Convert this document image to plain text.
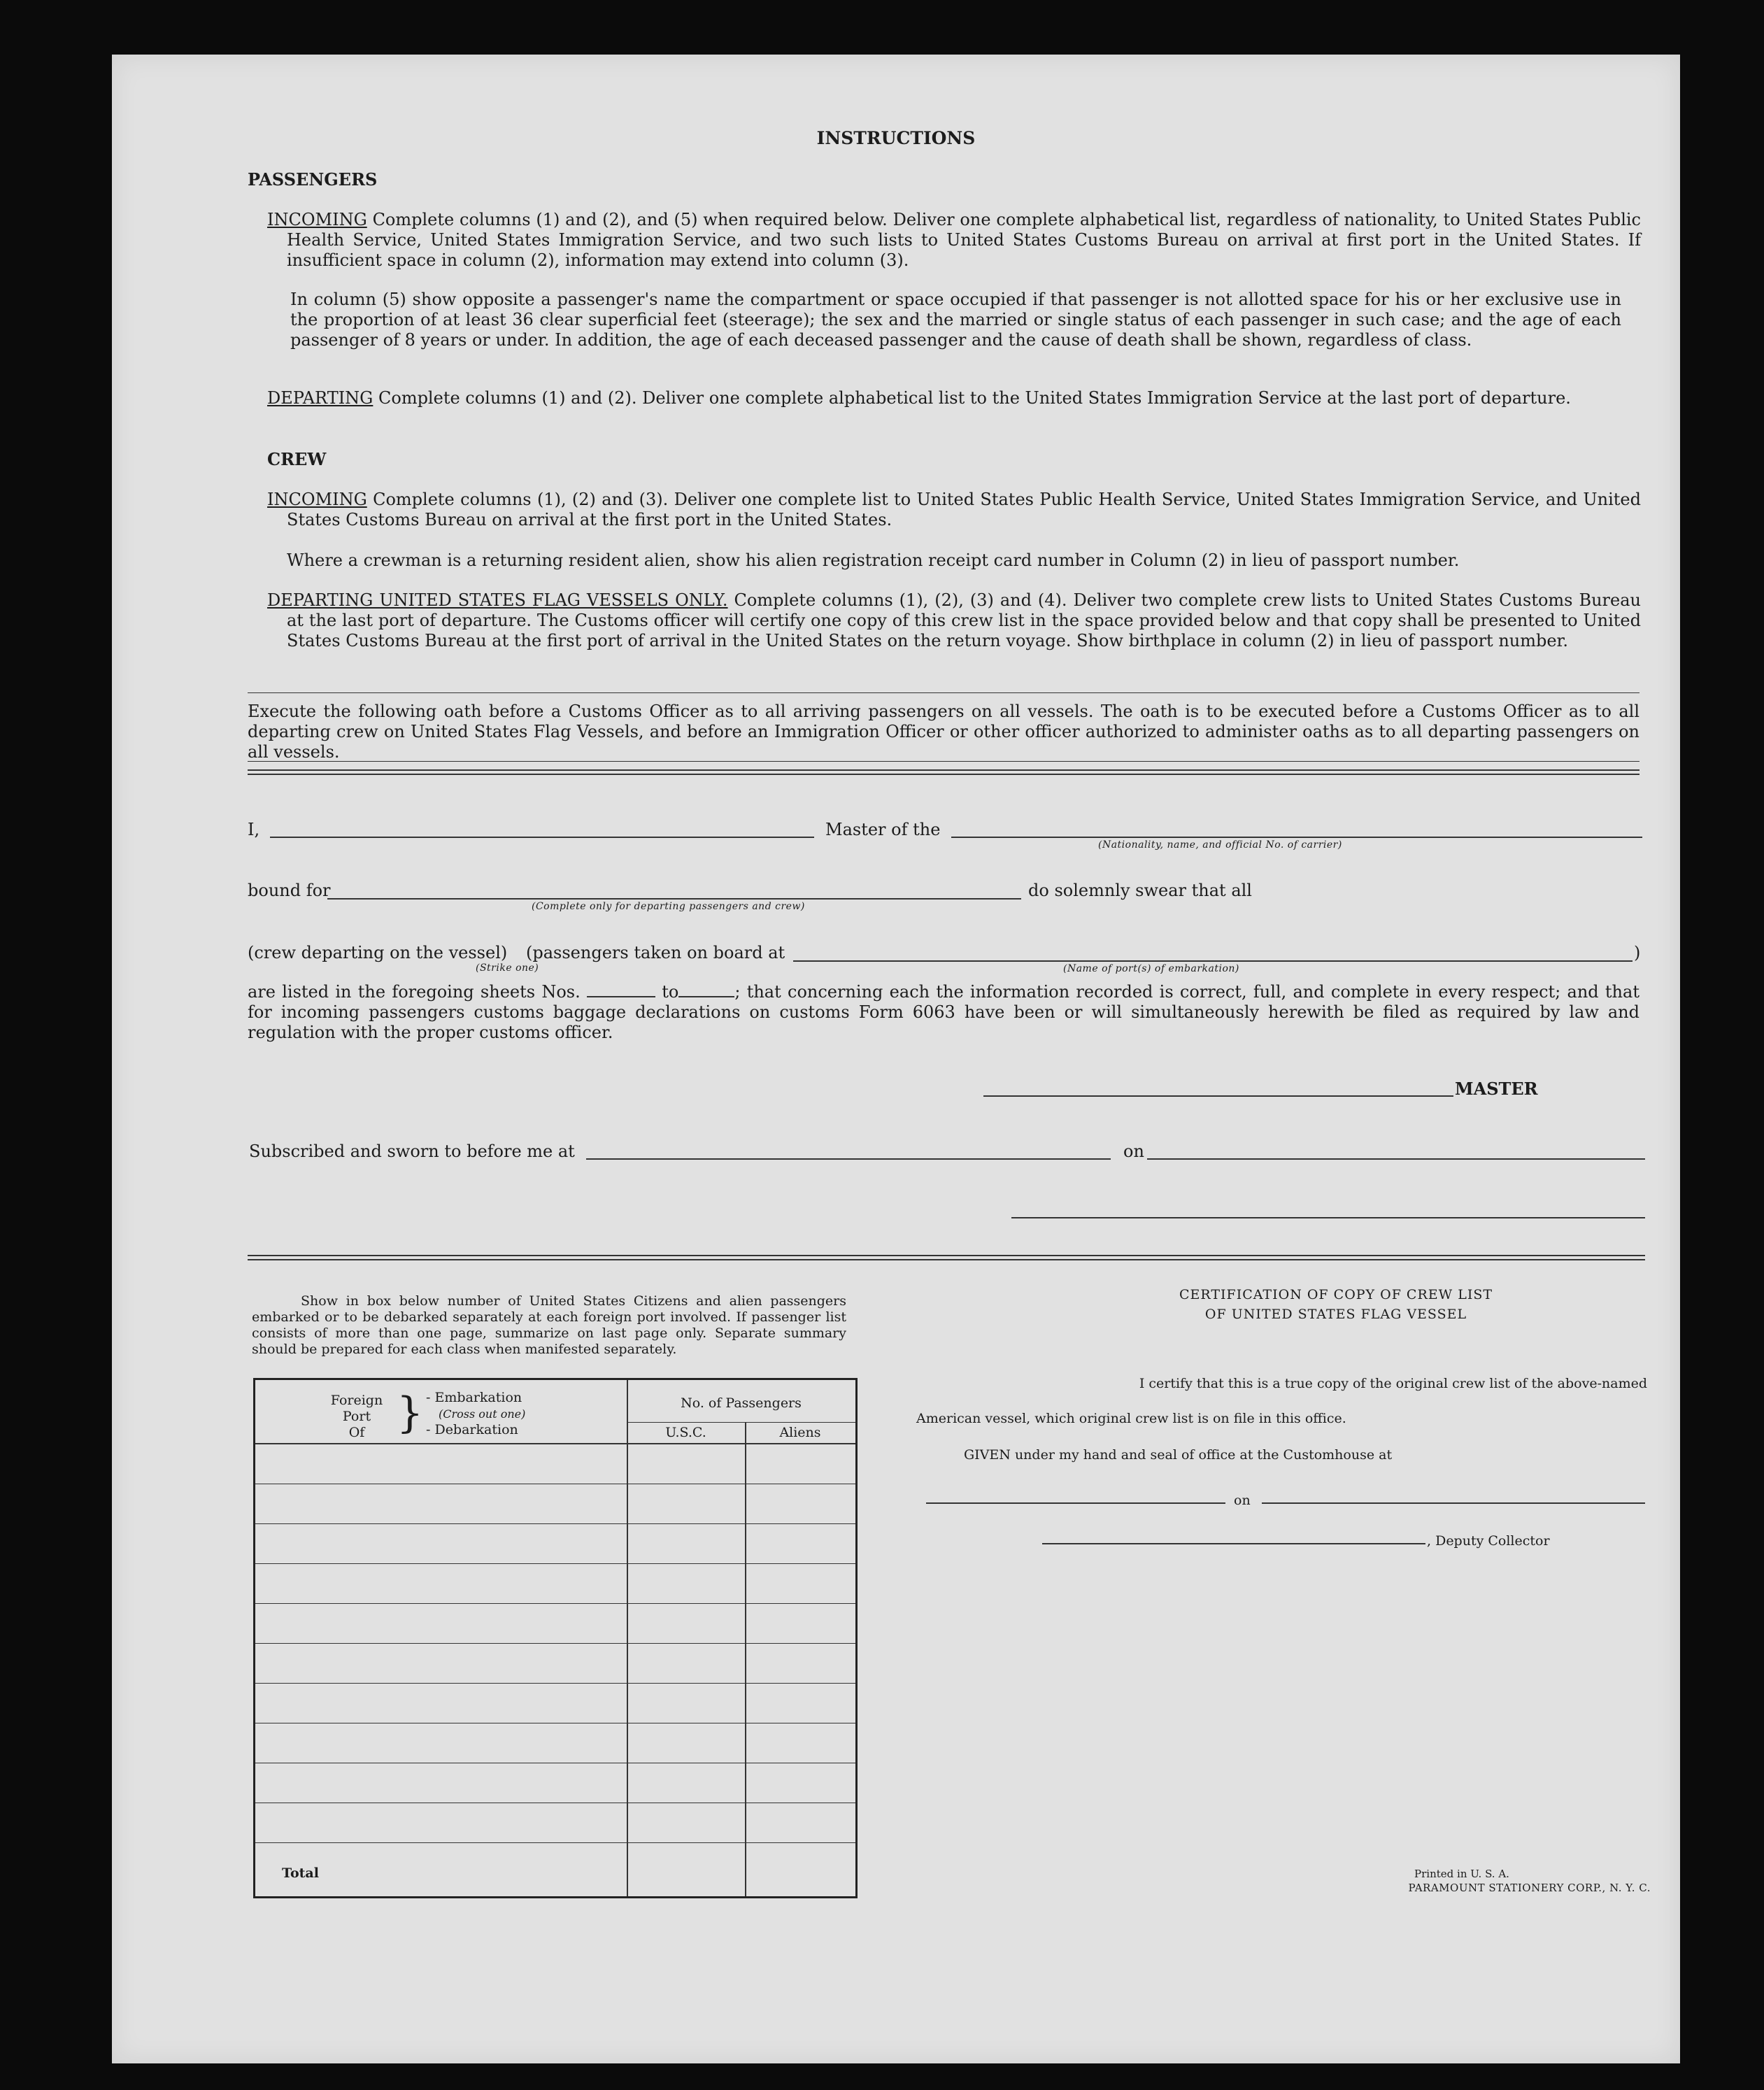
INSTRUCTIONS
PASSENGERS
INCOMING Complete columns (1) and (2), and (5) when required below. Deliver one complete alphabetical list, regardless of nationality, to United States Public Health Service, United States Immigration Service, and two such lists to United States Customs Bureau on arrival at first port in the United States. If insufficient space in column (2), information may extend into column (3).
In column (5) show opposite a passenger's name the compartment or space occupied if that passenger is not allotted space for his or her exclusive use in the proportion of at least 36 clear superficial feet (steerage); the sex and the married or single status of each passenger in such case; and the age of each passenger of 8 years or under. In addition, the age of each deceased passenger and the cause of death shall be shown, regardless of class.
DEPARTING Complete columns (1) and (2). Deliver one complete alphabetical list to the United States Immigration Service at the last port of departure.
CREW
INCOMING Complete columns (1), (2) and (3). Deliver one complete list to United States Public Health Service, United States Immigration Service, and United States Customs Bureau on arrival at the first port in the United States.
Where a crewman is a returning resident alien, show his alien registration receipt card number in Column (2) in lieu of passport number.
DEPARTING UNITED STATES FLAG VESSELS ONLY. Complete columns (1), (2), (3) and (4). Deliver two complete crew lists to United States Customs Bureau at the last port of departure. The Customs officer will certify one copy of this crew list in the space provided below and that copy shall be presented to United States Customs Bureau at the first port of arrival in the United States on the return voyage. Show birthplace in column (2) in lieu of passport number.
Execute the following oath before a Customs Officer as to all arriving passengers on all vessels. The oath is to be executed before a Customs Officer as to all departing crew on United States Flag Vessels, and before an Immigration Officer or other officer authorized to administer oaths as to all departing passengers on all vessels.
I,	Master of the
(Nationality, name, and official No. of carrier)
bound for
(Complete only for departing passengers and crew)
do solemnly swear that all
(crew departing on the vessel)
(Strike one)
(passengers taken on board at
(Name of port(s) of embarkation)
)
are listed in the foregoing sheets Nos.	to	; that concerning each the information recorded is correct, full, and complete in every respect; and that for incoming passengers customs baggage declarations on customs Form 6063 have been or will simultaneously herewith be filed as required by law and regulation with the proper customs officer.
MASTER
Subscribed and sworn to before me at	on
Show in box below number of United States Citizens and alien passengers embarked or to be debarked separately at each foreign port involved. If passenger list consists of more than one page, summarize on last page only. Separate summary should be prepared for each class when manifested separately.
Foreign
Port
Of } - Embarkation
(Cross out one)
- Debarkation
No. of Passengers
U.S.C.	Aliens
Total
CERTIFICATION OF COPY OF CREW LIST
OF UNITED STATES FLAG VESSEL
I certify that this is a true copy of the original crew list of the above-named
American vessel, which original crew list is on file in this office.
GIVEN under my hand and seal of office at the Customhouse at
on
, Deputy Collector
Printed in U. S. A.
PARAMOUNT STATIONERY CORP., N. Y. C.
